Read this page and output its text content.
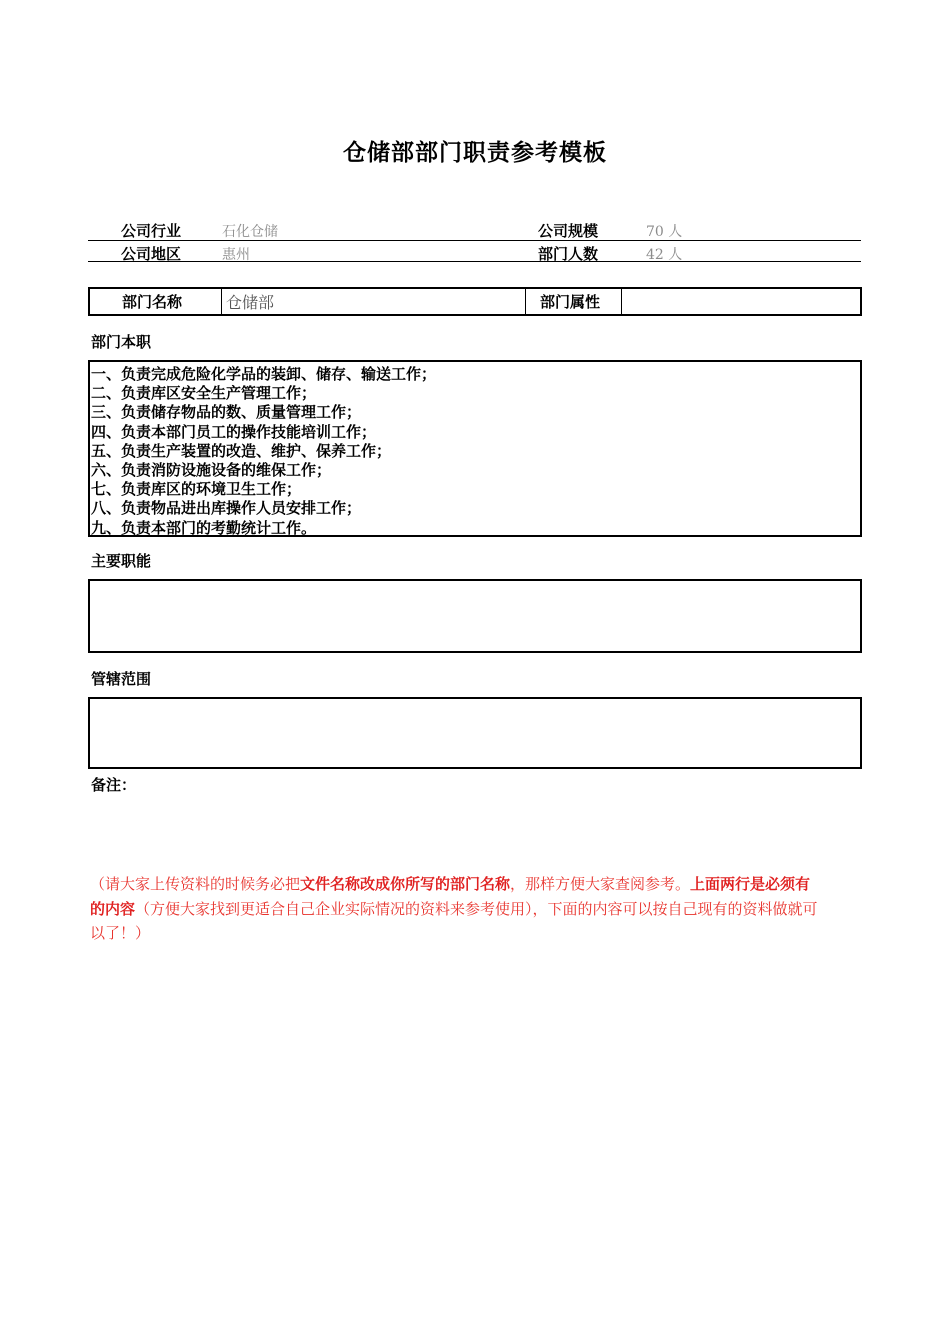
仓储部部门职责参考模板
公司行业	石化仓储	公司规模	70 人
公司地区	惠州	部门人数	42 人
部门名称	仓储部	部门属性
部门本职
一、负责完成危险化学品的装卸、储存、输送工作；
二、负责库区安全生产管理工作；
三、负责储存物品的数、质量管理工作；
四、负责本部门员工的操作技能培训工作；
五、负责生产装置的改造、维护、保养工作；
六、负责消防设施设备的维保工作；
七、负责库区的环境卫生工作；
八、负责物品进出库操作人员安排工作；
九、负责本部门的考勤统计工作。
主要职能
管辖范围
备注：
（请大家上传资料的时候务必把文件名称改成你所写的部门名称，那样方便大家查阅参考。上面两行是必须有的内容（方便大家找到更适合自己企业实际情况的资料来参考使用），下面的内容可以按自己现有的资料做就可以了！）
